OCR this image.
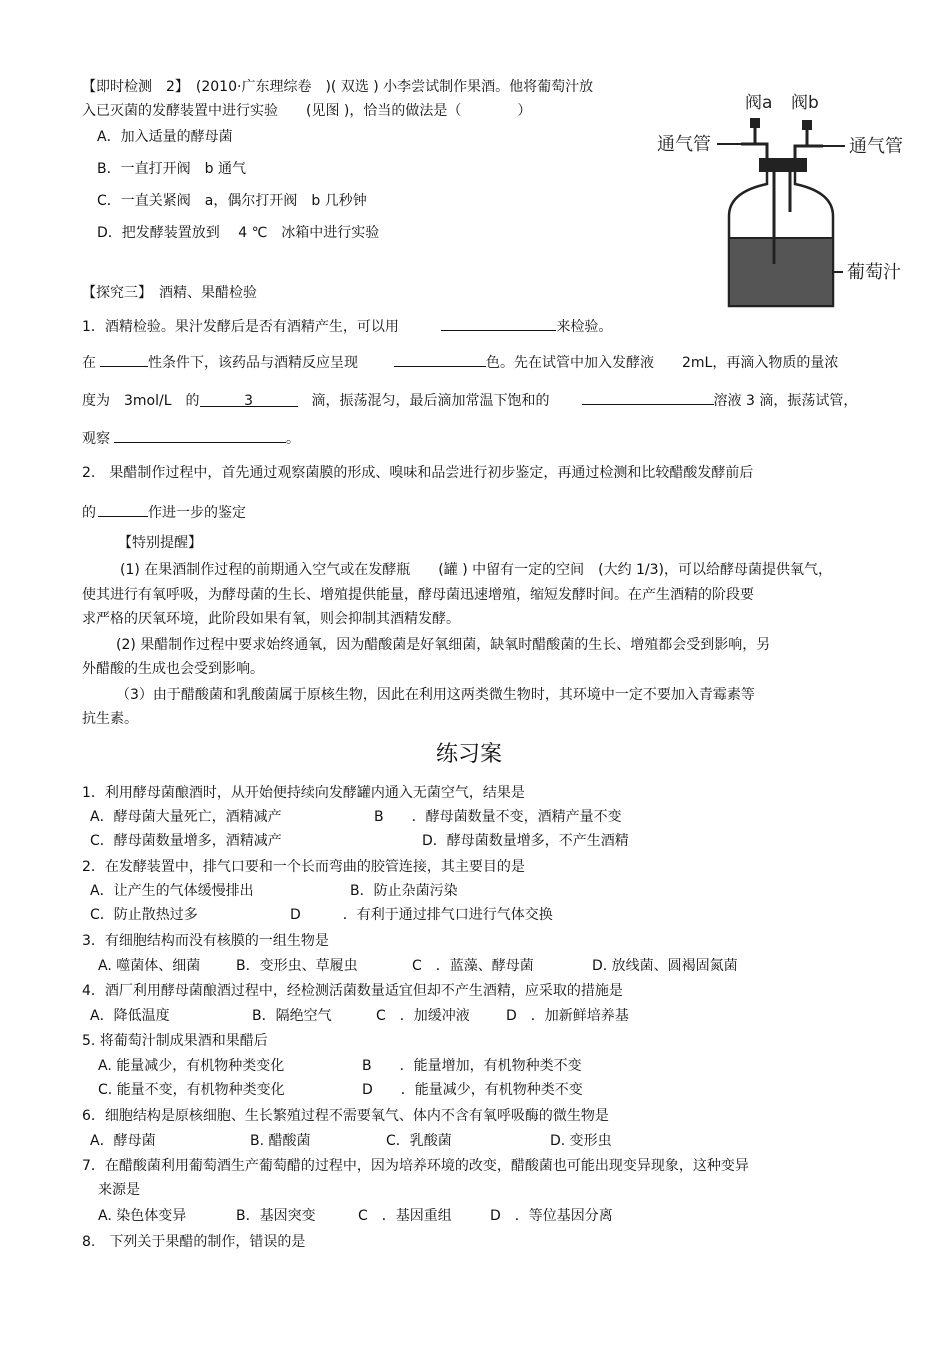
【即时检测　2】　(2010·广东理综卷　)( 双选 ) 小李尝试制作果酒。他将葡萄汁放
入已灭菌的发酵装置中进行实验　　(见图 )，恰当的做法是（　　　　）
A．加入适量的酵母菌
B．一直打开阀　b 通气
C．一直关紧阀　a，偶尔打开阀　b 几秒钟
D．把发酵装置放到　 4 ℃　冰箱中进行实验
阀a 阀b
通气管	通气管
葡萄汁
【探究三】　酒精、果醋检验
1．酒精检验。果汁发酵后是否有酒精产生，可以用	来检验。
在	性条件下，该药品与酒精反应呈现	色。先在试管中加入发酵液　　2mL，再滴入物质的量浓
度为　3mol/L　的	3	滴，振荡混匀，最后滴加常温下饱和的	溶液 3 滴，振荡试管，
观察	。
2.　果醋制作过程中，首先通过观察菌膜的形成、嗅味和品尝进行初步鉴定，再通过检测和比较醋酸发酵前后
的	作进一步的鉴定
【特别提醒】
(1) 在果酒制作过程的前期通入空气或在发酵瓶　　(罐 ) 中留有一定的空间　(大约 1/3)，可以给酵母菌提供氧气，
使其进行有氧呼吸，为酵母菌的生长、增殖提供能量，酵母菌迅速增殖，缩短发酵时间。在产生酒精的阶段要
求严格的厌氧环境，此阶段如果有氧，则会抑制其酒精发酵。
(2) 果醋制作过程中要求始终通氧，因为醋酸菌是好氧细菌，缺氧时醋酸菌的生长、增殖都会受到影响，另
外醋酸的生成也会受到影响。
（3）由于醋酸菌和乳酸菌属于原核生物，因此在利用这两类微生物时，其环境中一定不要加入青霉素等
抗生素。
练习案
1．利用酵母菌酿酒时，从开始便持续向发酵罐内通入无菌空气，结果是
A．酵母菌大量死亡，酒精减产	B　　．酵母菌数量不变，酒精产量不变
C．酵母菌数量增多，酒精减产	D．酵母菌数量增多，不产生酒精
2．在发酵装置中，排气口要和一个长而弯曲的胶管连接，其主要目的是
A．让产生的气体缓慢排出	B．防止杂菌污染
C．防止散热过多	D　　　．有利于通过排气口进行气体交换
3．有细胞结构而没有核膜的一组生物是
A. 噬菌体、细菌	B．变形虫、草履虫	C　．蓝藻、酵母菌	D. 放线菌、圆褐固氮菌
4．酒厂利用酵母菌酿酒过程中，经检测活菌数量适宜但却不产生酒精，应采取的措施是
A．降低温度	B．隔绝空气	C　．加缓冲液	D　．加新鲜培养基
5. 将葡萄汁制成果酒和果醋后
A. 能量减少，有机物种类变化	B　　．能量增加，有机物种类不变
C. 能量不变，有机物种类变化	D　　．能量减少，有机物种类不变
6．细胞结构是原核细胞、生长繁殖过程不需要氧气、体内不含有氧呼吸酶的微生物是
A．酵母菌	B. 醋酸菌	C．乳酸菌	D. 变形虫
7．在醋酸菌利用葡萄酒生产葡萄醋的过程中，因为培养环境的改变，醋酸菌也可能出现变异现象，这种变异
来源是
A. 染色体变异	B．基因突变	C　．基因重组	D　．等位基因分离
8.　下列关于果醋的制作，错误的是
